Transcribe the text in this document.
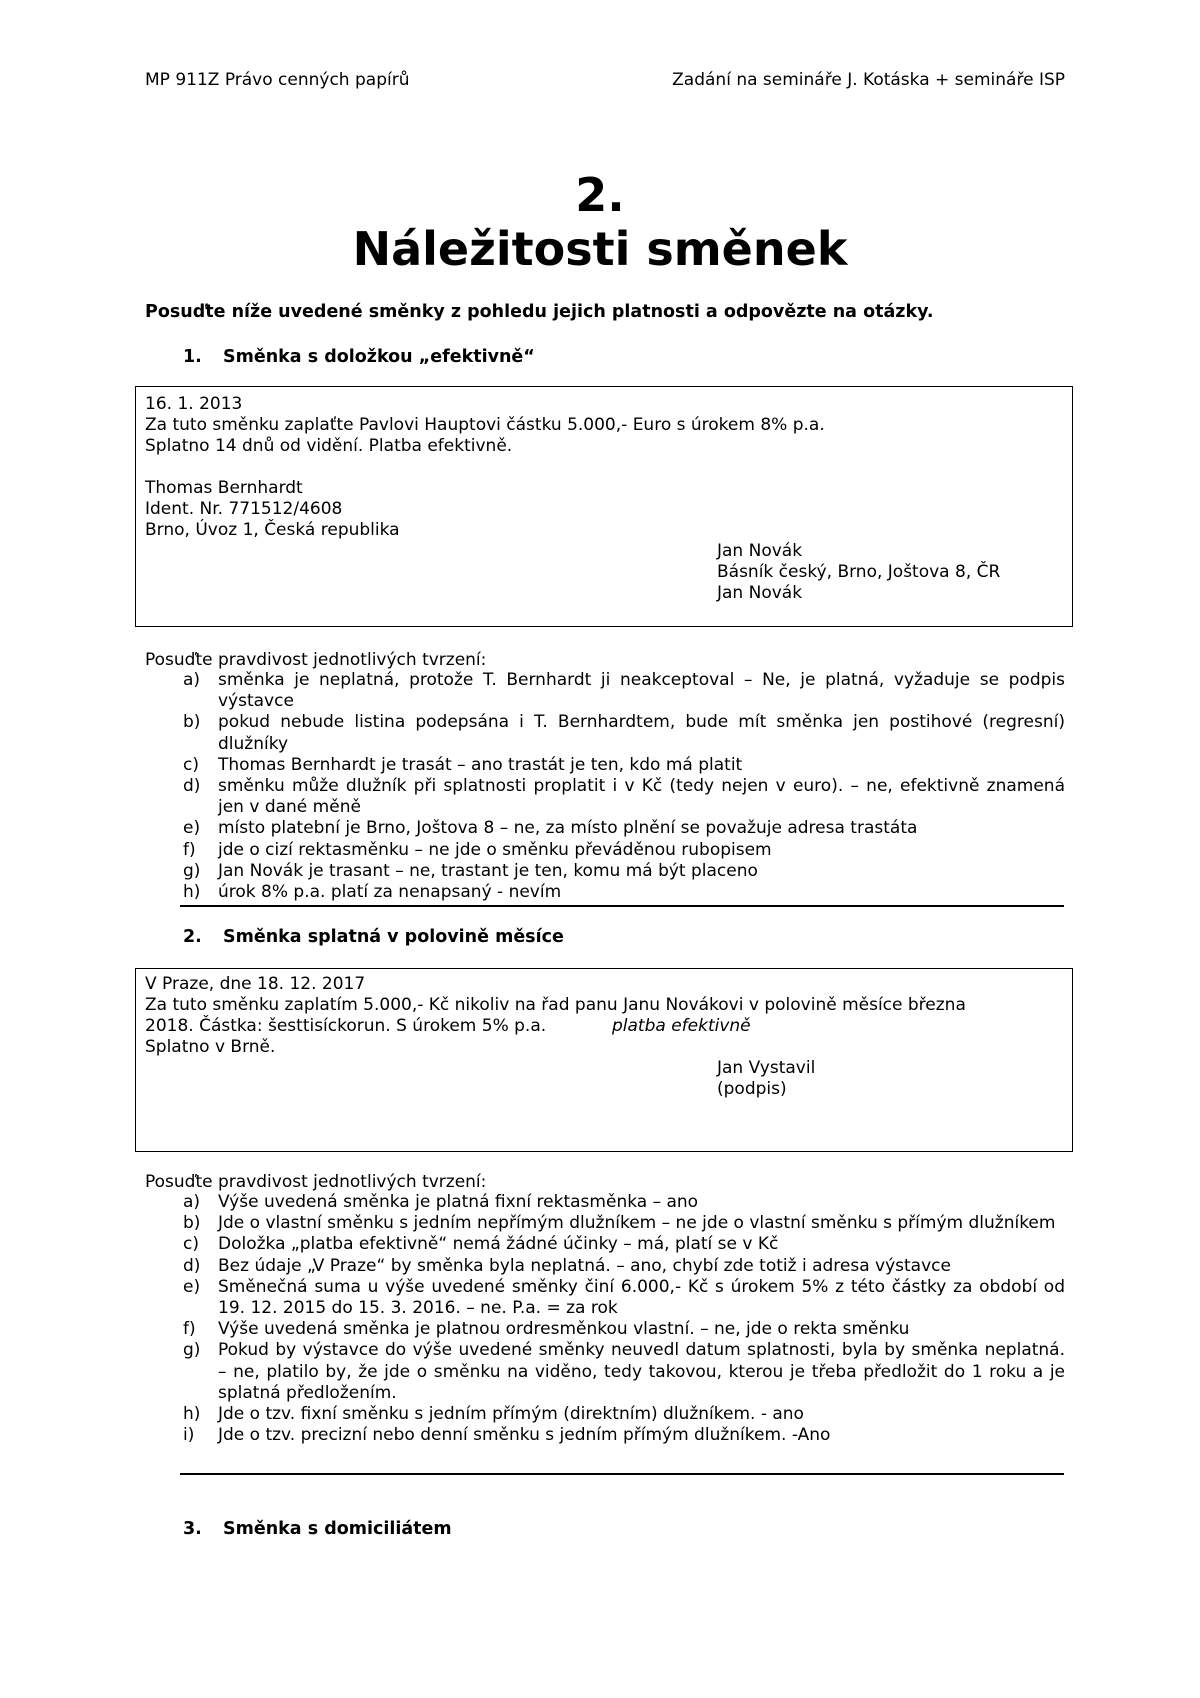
MP 911Z Právo cenných papírů	Zadání na semináře J. Kotáska + semináře ISP
2.
Náležitosti směnek
Posuďte níže uvedené směnky z pohledu jejich platnosti a odpovězte na otázky.
1. Směnka s doložkou „efektivně“
16. 1. 2013
Za tuto směnku zaplaťte Pavlovi Hauptovi částku 5.000,- Euro s úrokem 8% p.a.
Splatno 14 dnů od vidění. Platba efektivně.
Thomas Bernhardt
Ident. Nr. 771512/4608
Brno, Úvoz 1, Česká republika
Jan Novák
Básník český, Brno, Joštova 8, ČR
Jan Novák
Posuďte pravdivost jednotlivých tvrzení:
a) směnka je neplatná, protože T. Bernhardt ji neakceptoval – Ne, je platná, vyžaduje se podpis výstavce
b) pokud nebude listina podepsána i T. Bernhardtem, bude mít směnka jen postihové (regresní) dlužníky
c) Thomas Bernhardt je trasát – ano trastát je ten, kdo má platit
d) směnku může dlužník při splatnosti proplatit i v Kč (tedy nejen v euro). – ne, efektivně znamená jen v dané měně
e) místo platební je Brno, Joštova 8 – ne, za místo plnění se považuje adresa trastáta
f) jde o cizí rektasměnku – ne jde o směnku převáděnou rubopisem
g) Jan Novák je trasant – ne, trastant je ten, komu má být placeno
h) úrok 8% p.a. platí za nenapsaný - nevím
2. Směnka splatná v polovině měsíce
V Praze, dne 18. 12. 2017
Za tuto směnku zaplatím 5.000,- Kč nikoliv na řad panu Janu Novákovi v polovině měsíce března
2018. Částka: šesttisíckorun. S úrokem 5% p.a.	platba efektivně
Splatno v Brně.
Jan Vystavil
(podpis)
Posuďte pravdivost jednotlivých tvrzení:
a) Výše uvedená směnka je platná fixní rektasměnka – ano
b) Jde o vlastní směnku s jedním nepřímým dlužníkem – ne jde o vlastní směnku s přímým dlužníkem
c) Doložka „platba efektivně“ nemá žádné účinky – má, platí se v Kč
d) Bez údaje „V Praze“ by směnka byla neplatná. – ano, chybí zde totiž i adresa výstavce
e) Směnečná suma u výše uvedené směnky činí 6.000,- Kč s úrokem 5% z této částky za období od 19. 12. 2015 do 15. 3. 2016. – ne. P.a. = za rok
f) Výše uvedená směnka je platnou ordresměnkou vlastní. – ne, jde o rekta směnku
g) Pokud by výstavce do výše uvedené směnky neuvedl datum splatnosti, byla by směnka neplatná. – ne, platilo by, že jde o směnku na viděno, tedy takovou, kterou je třeba předložit do 1 roku a je splatná předložením.
h) Jde o tzv. fixní směnku s jedním přímým (direktním) dlužníkem. - ano
i) Jde o tzv. precizní nebo denní směnku s jedním přímým dlužníkem. -Ano
3. Směnka s domiciliátem
